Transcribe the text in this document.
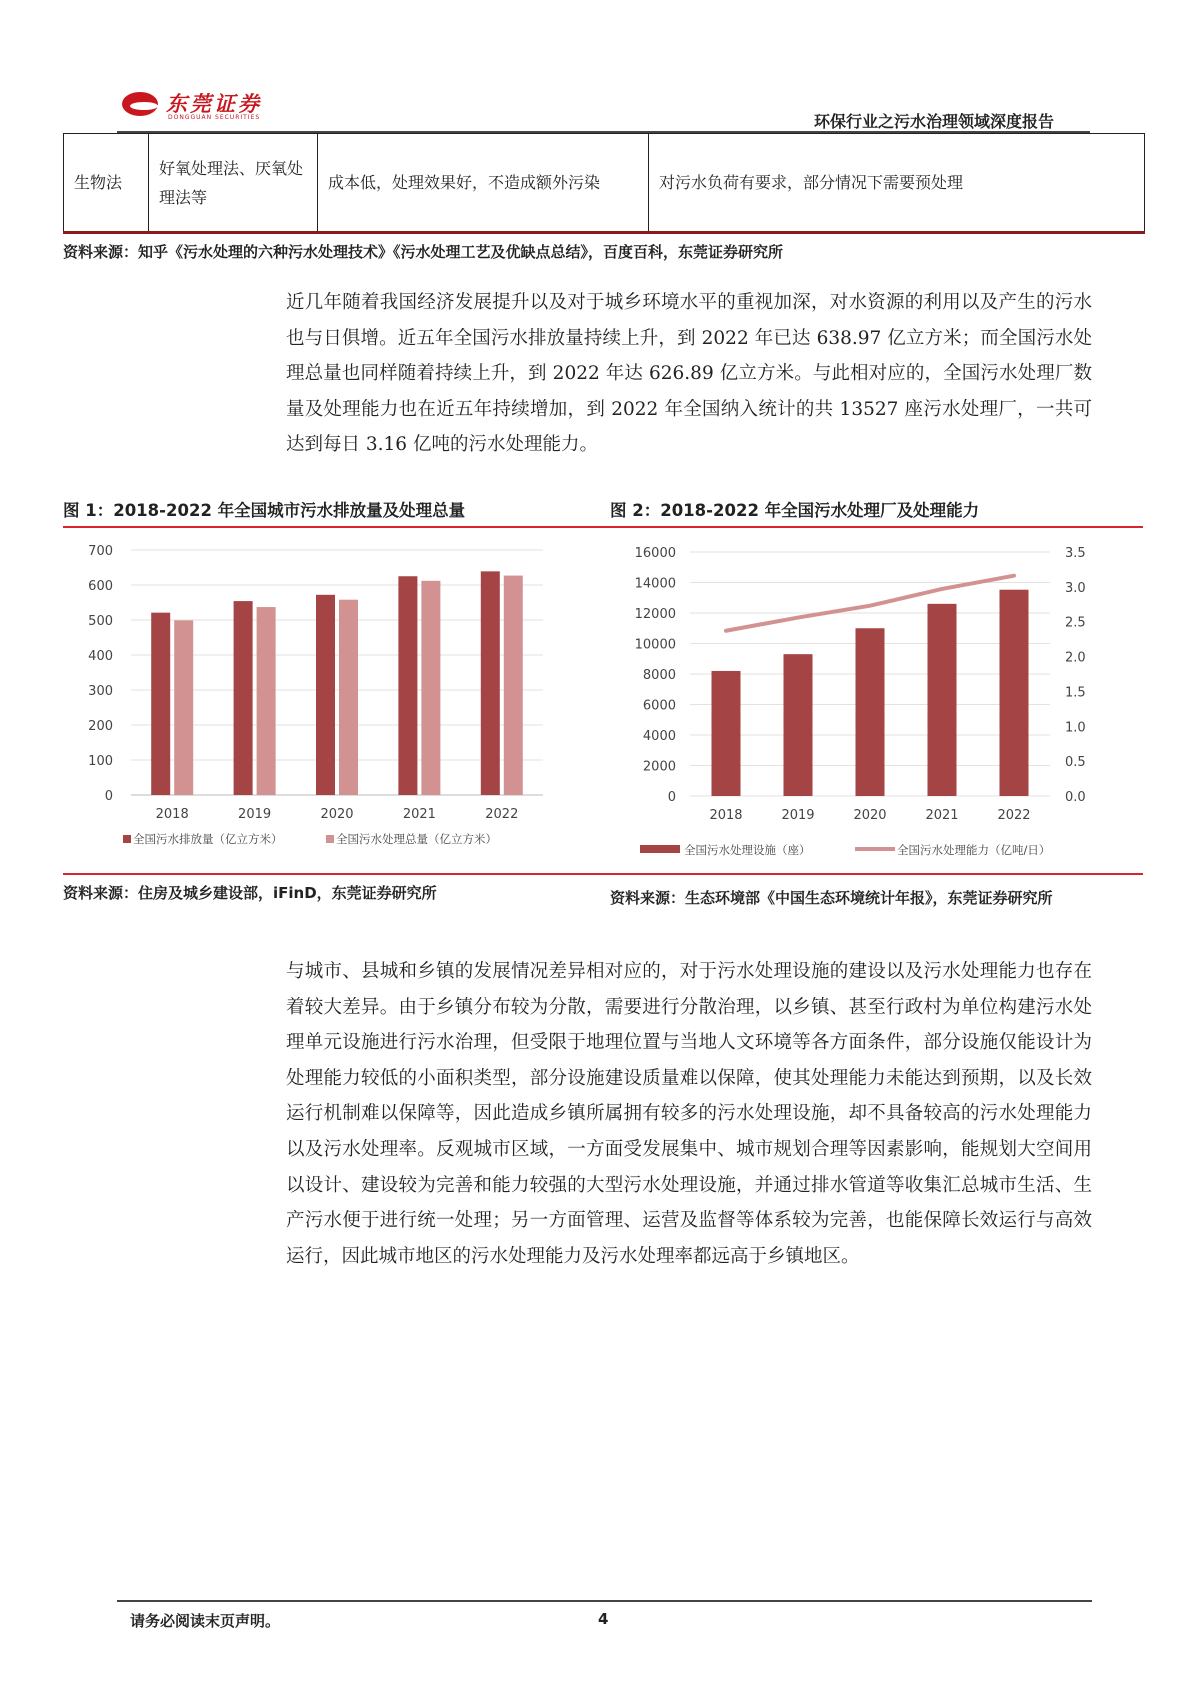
东莞证券
DONGGUAN SECURITIES	环保行业之污水治理领域深度报告
生物法	好氧处理法、厌氧处理法等	成本低，处理效果好，不造成额外污染	对污水负荷有要求，部分情况下需要预处理
资料来源：知乎《污水处理的六种污水处理技术》《污水处理工艺及优缺点总结》，百度百科，东莞证券研究所
近几年随着我国经济发展提升以及对于城乡环境水平的重视加深，对水资源的利用以及产生的污水也与日俱增。近五年全国污水排放量持续上升，到 2022 年已达 638.97 亿立方米；而全国污水处理总量也同样随着持续上升，到 2022 年达 626.89 亿立方米。与此相对应的，全国污水处理厂数量及处理能力也在近五年持续增加，到 2022 年全国纳入统计的共 13527 座污水处理厂，一共可达到每日 3.16 亿吨的污水处理能力。
图 1：2018-2022 年全国城市污水排放量及处理总量	图 2：2018-2022 年全国污水处理厂及处理能力
0
100
200
300
400
500
600
700
2018	2019	2020	2021	2022
全国污水排放量（亿立方米）	全国污水处理总量（亿立方米）
0
2000
4000
6000
8000
10000
12000
14000
16000
0.0
0.5
1.0
1.5
2.0
2.5
3.0
3.5
2018	2019	2020	2021	2022
全国污水处理设施（座）	全国污水处理能力（亿吨/日）
资料来源：住房及城乡建设部，iFinD，东莞证券研究所	资料来源：生态环境部《中国生态环境统计年报》，东莞证券研究所
与城市、县城和乡镇的发展情况差异相对应的，对于污水处理设施的建设以及污水处理能力也存在着较大差异。由于乡镇分布较为分散，需要进行分散治理，以乡镇、甚至行政村为单位构建污水处理单元设施进行污水治理，但受限于地理位置与当地人文环境等各方面条件，部分设施仅能设计为处理能力较低的小面积类型，部分设施建设质量难以保障，使其处理能力未能达到预期，以及长效运行机制难以保障等，因此造成乡镇所属拥有较多的污水处理设施，却不具备较高的污水处理能力以及污水处理率。反观城市区域，一方面受发展集中、城市规划合理等因素影响，能规划大空间用以设计、建设较为完善和能力较强的大型污水处理设施，并通过排水管道等收集汇总城市生活、生产污水便于进行统一处理；另一方面管理、运营及监督等体系较为完善，也能保障长效运行与高效运行，因此城市地区的污水处理能力及污水处理率都远高于乡镇地区。
请务必阅读末页声明。	4
